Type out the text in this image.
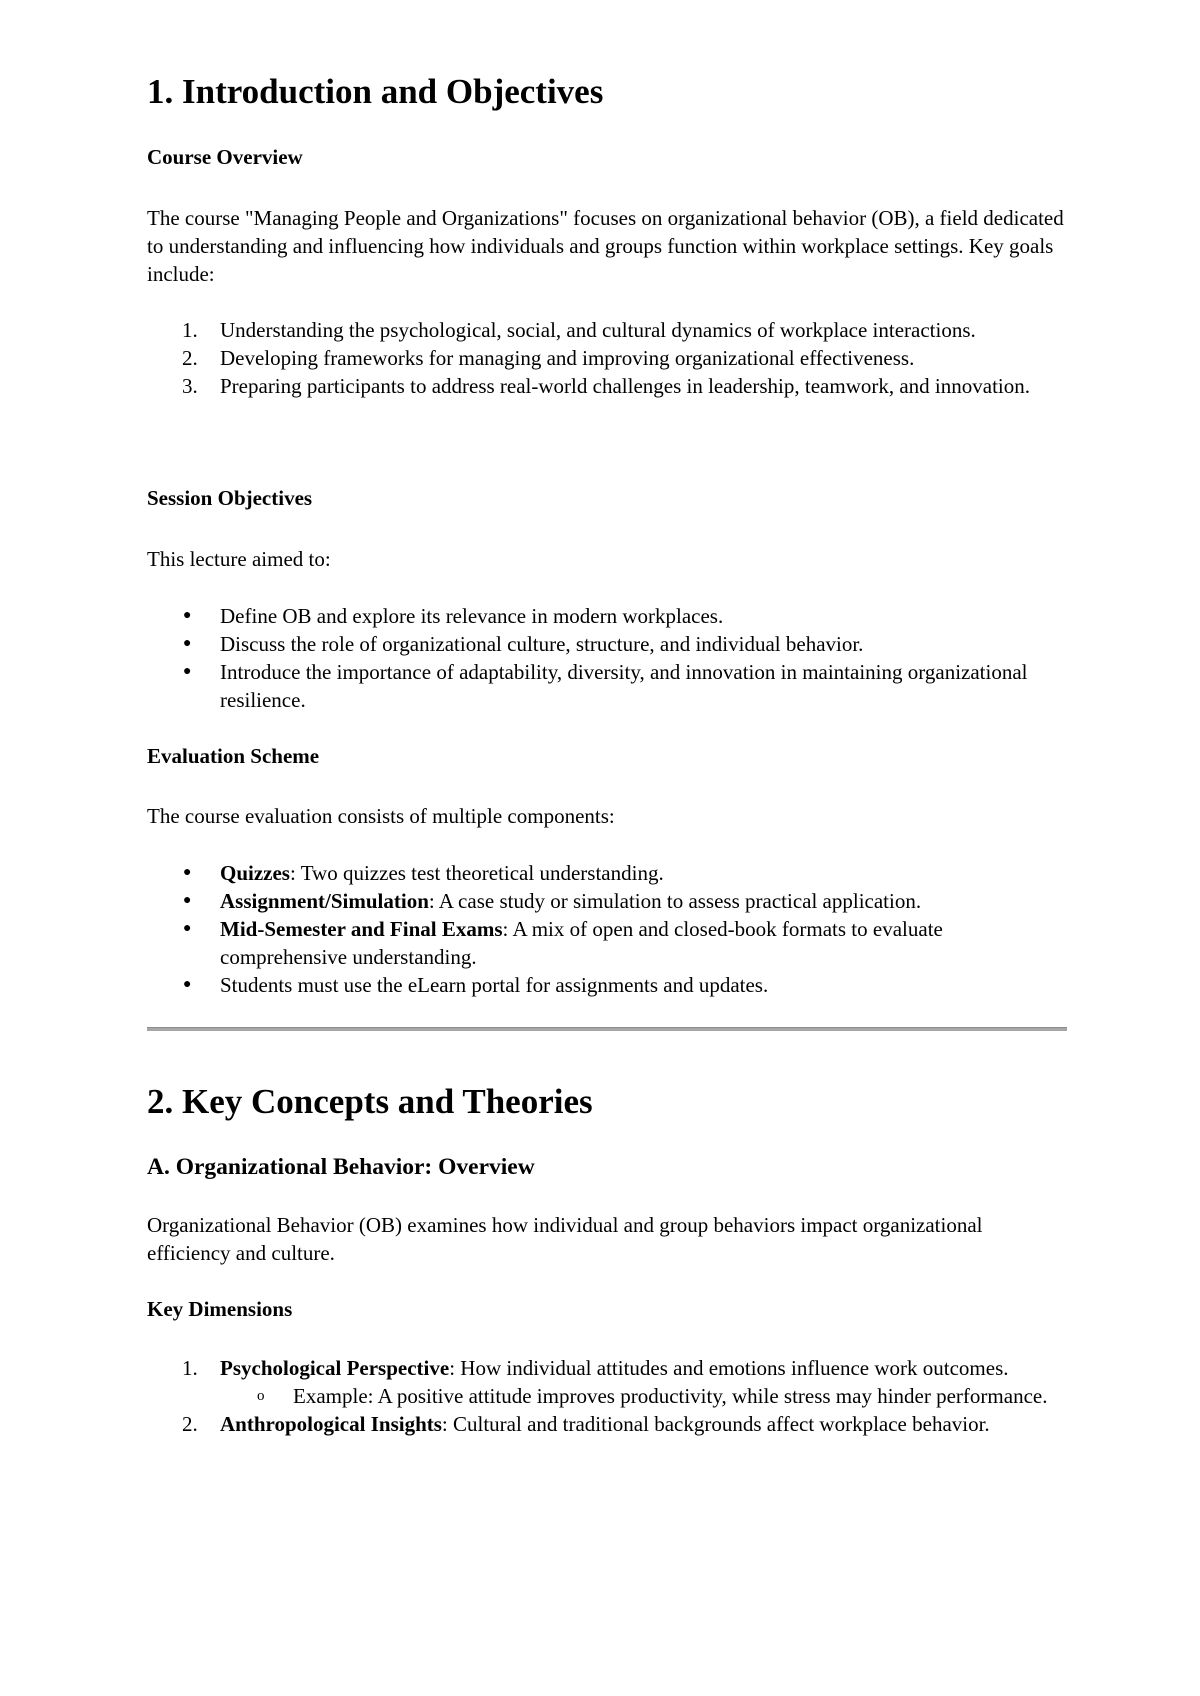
1. Introduction and Objectives
Course Overview

The course "Managing People and Organizations" focuses on organizational behavior (OB), a field dedicated to understanding and influencing how individuals and groups function within workplace settings. Key goals include:

1.	Understanding the psychological, social, and cultural dynamics of workplace interactions.
2.	Developing frameworks for managing and improving organizational effectiveness.
3.	Preparing participants to address real-world challenges in leadership, teamwork, and innovation.
Session Objectives

This lecture aimed to:

●	Define OB and explore its relevance in modern workplaces.
●	Discuss the role of organizational culture, structure, and individual behavior.
●	Introduce the importance of adaptability, diversity, and innovation in maintaining organizational resilience.
Evaluation Scheme

The course evaluation consists of multiple components:

●	Quizzes: Two quizzes test theoretical understanding.
●	Assignment/Simulation: A case study or simulation to assess practical application.
●	Mid-Semester and Final Exams: A mix of open and closed-book formats to evaluate comprehensive understanding.
●	Students must use the eLearn portal for assignments and updates.
2. Key Concepts and Theories
A. Organizational Behavior: Overview

Organizational Behavior (OB) examines how individual and group behaviors impact organizational efficiency and culture.

Key Dimensions
1.	Psychological Perspective: How individual attitudes and emotions influence work outcomes.
o	Example: A positive attitude improves productivity, while stress may hinder performance.
2.	Anthropological Insights: Cultural and traditional backgrounds affect workplace behavior.
